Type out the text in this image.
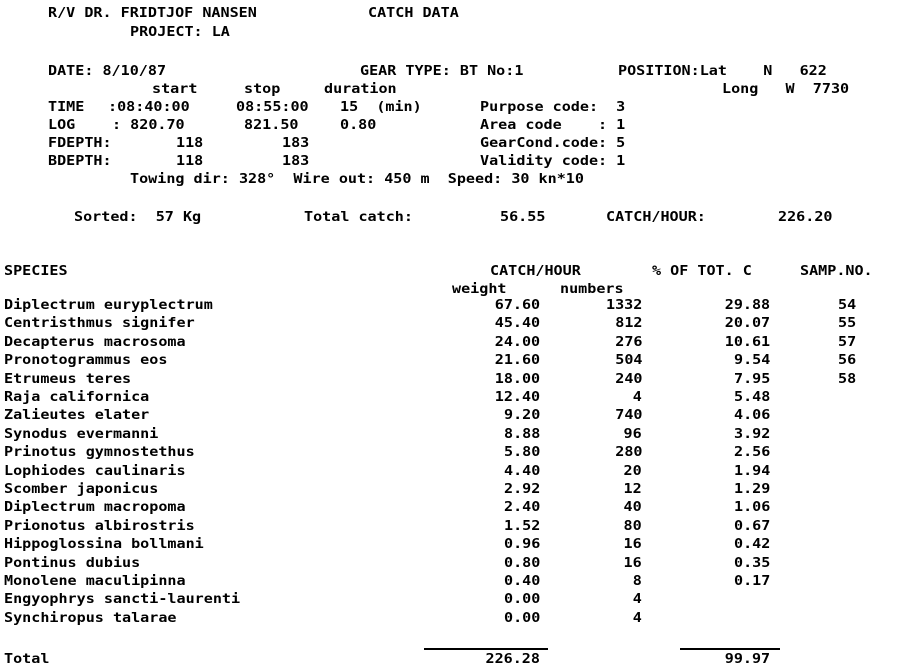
R/V DR. FRIDTJOF NANSEN	CATCH DATA
PROJECT: LA
DATE: 8/10/87	GEAR TYPE: BT No:1	POSITION:Lat    N   622
start	stop	duration	Long   W  7730
TIME :08:40:00	08:55:00 15  (min)	Purpose code:  3
LOG	: 820.70	821.50	0.80	Area code    : 1
FDEPTH:	118	183	GearCond.code: 5
BDEPTH:	118	183	Validity code: 1
Towing dir: 328°  Wire out: 450 m  Speed: 30 kn*10
Sorted:  57 Kg	Total catch:	56.55	CATCH/HOUR:	226.20
SPECIES	CATCH/HOUR	% OF TOT. C	SAMP.NO.
weight	numbers
Diplectrum euryplectrum	67.60	1332	29.88	54
Centristhmus signifer	45.40	812	20.07	55
Decapterus macrosoma	24.00	276	10.61	57
Pronotogrammus eos	21.60	504	9.54	56
Etrumeus teres	18.00	240	7.95	58
Raja californica	12.40	4	5.48
Zalieutes elater	9.20	740	4.06
Synodus evermanni	8.88	96	3.92
Prinotus gymnostethus	5.80	280	2.56
Lophiodes caulinaris	4.40	20	1.94
Scomber japonicus	2.92	12	1.29
Diplectrum macropoma	2.40	40	1.06
Prionotus albirostris	1.52	80	0.67
Hippoglossina bollmani	0.96	16	0.42
Pontinus dubius	0.80	16	0.35
Monolene maculipinna	0.40	8	0.17
Engyophrys sancti-laurenti	0.00	4
Synchiropus talarae	0.00	4
Total	226.28	99.97
